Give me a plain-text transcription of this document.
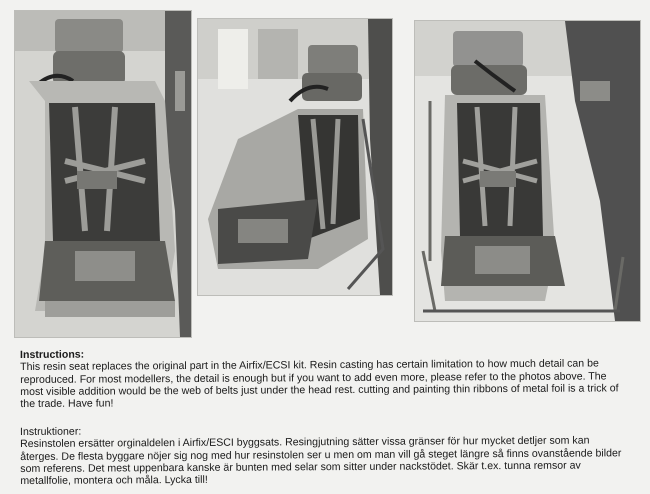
Instructions:

This resin seat replaces the original part in the Airfix/ECSI kit. Resin casting has certain limitation to how much detail can be reproduced. For most modellers, the detail is enough but if you want to add even more, please refer to the photos above. The most visible addition would be the web of belts just under the head rest. cutting and painting thin ribbons of metal foil is a trick of the trade. Have fun!

Instruktioner:

Resinstolen ersätter orginaldelen i Airfix/ESCI byggsats. Resingjutning sätter vissa gränser för hur mycket detljer som kan återges. De flesta byggare nöjer sig nog med hur resinstolen ser u men om man vill gå steget längre så finns ovanstående bilder som referens. Det mest uppenbara kanske är bunten med selar som sitter under nackstödet. Skär t.ex. tunna remsor av metallfolie, montera och måla. Lycka till!
